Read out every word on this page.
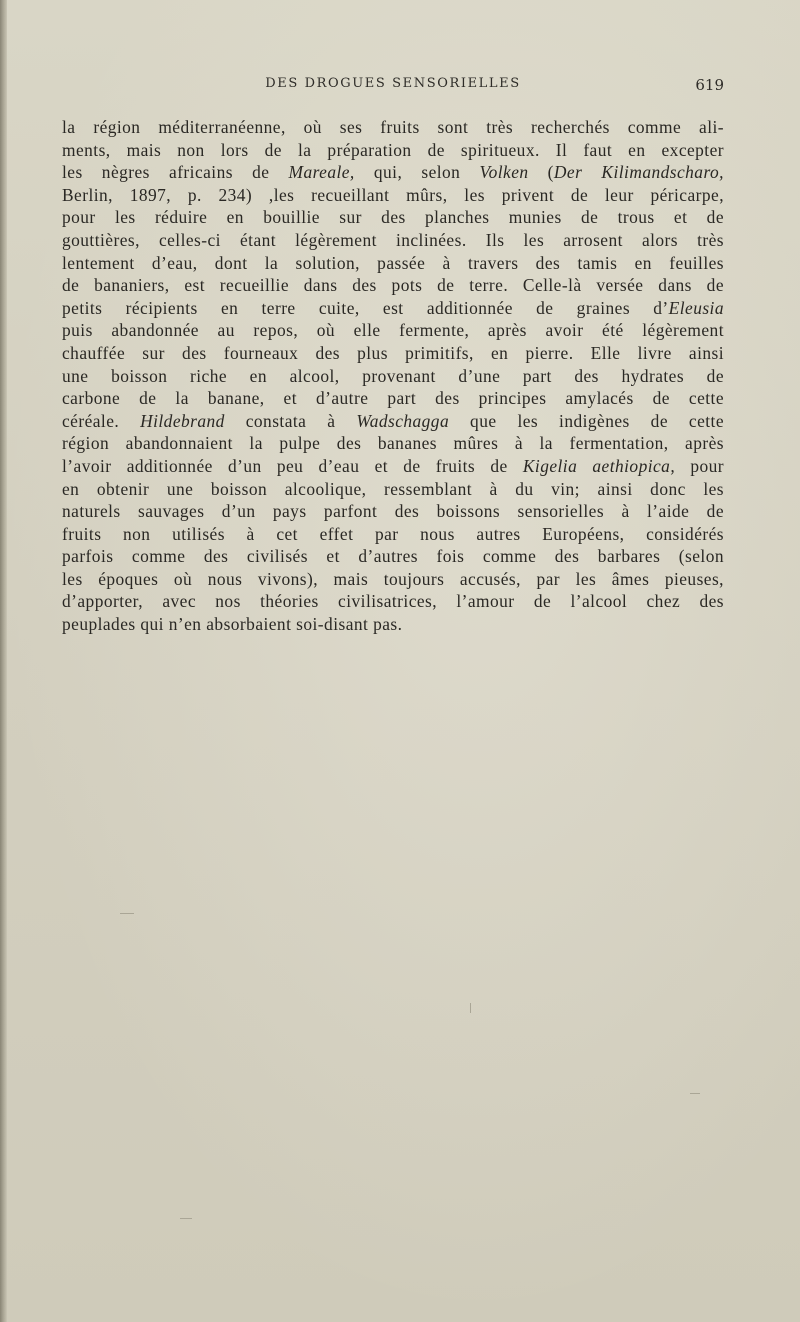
DES DROGUES SENSORIELLES	619
la région méditerranéenne, où ses fruits sont très recherchés comme ali-
ments, mais non lors de la préparation de spiritueux. Il faut en excepter
les nègres africains de Mareale, qui, selon Volken (Der Kilimandscharo,
Berlin, 1897, p. 234) ,les recueillant mûrs, les privent de leur péricarpe,
pour les réduire en bouillie sur des planches munies de trous et de
gouttières, celles-ci étant légèrement inclinées. Ils les arrosent alors très
lentement d’eau, dont la solution, passée à travers des tamis en feuilles
de bananiers, est recueillie dans des pots de terre. Celle-là versée dans de
petits récipients en terre cuite, est additionnée de graines d’Eleusia
puis abandonnée au repos, où elle fermente, après avoir été légèrement
chauffée sur des fourneaux des plus primitifs, en pierre. Elle livre ainsi
une boisson riche en alcool, provenant d’une part des hydrates de
carbone de la banane, et d’autre part des principes amylacés de cette
céréale. Hildebrand constata à Wadschagga que les indigènes de cette
région abandonnaient la pulpe des bananes mûres à la fermentation, après
l’avoir additionnée d’un peu d’eau et de fruits de Kigelia aethiopica, pour
en obtenir une boisson alcoolique, ressemblant à du vin; ainsi donc les
naturels sauvages d’un pays parfont des boissons sensorielles à l’aide de
fruits non utilisés à cet effet par nous autres Européens, considérés
parfois comme des civilisés et d’autres fois comme des barbares (selon
les époques où nous vivons), mais toujours accusés, par les âmes pieuses,
d’apporter, avec nos théories civilisatrices, l’amour de l’alcool chez des
peuplades qui n’en absorbaient soi-disant pas.
